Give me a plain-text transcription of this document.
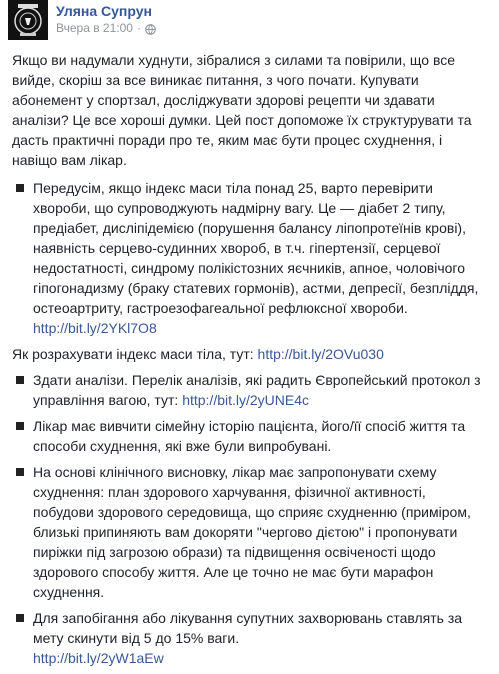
Уляна Супрун
Вчера в 21:00 ·

Якщо ви надумали худнути, зібралися з силами та повірили, що все вийде, скоріш за все виникає питання, з чого почати. Купувати абонемент у спортзал, досліджувати здорові рецепти чи здавати аналізи? Це все хороші думки. Цей пост допоможе їх структурувати та дасть практичні поради про те, яким має бути процес схуднення, і навіщо вам лікар.

Передусім, якщо індекс маси тіла понад 25, варто перевірити хвороби, що супроводжують надмірну вагу. Це — діабет 2 типу, предіабет, дисліпідемією (порушення балансу ліпопротеїнів крові), наявність серцево-судинних хвороб, в т.ч. гіпертензії, серцевої недостатності, синдрому полікістозних яєчників, апное, чоловічого гіпогонадизму (браку статевих гормонів), астми, депресії, безпліддя, остеоартриту, гастроезофагеальної рефлюксної хвороби.
http://bit.ly/2YKl7O8

Як розрахувати індекс маси тіла, тут: http://bit.ly/2OVu030

Здати аналізи. Перелік аналізів, які радить Європейський протокол з управління вагою, тут: http://bit.ly/2yUNE4c
Лікар має вивчити сімейну історію пацієнта, його/її спосіб життя та способи схуднення, які вже були випробувані.
На основі клінічного висновку, лікар має запропонувати схему схуднення: план здорового харчування, фізичної активності, побудови здорового середовища, що сприяє схудненню (приміром, близькі припиняють вам докоряти "чергово дієтою" і пропонувати пиріжки під загрозою образи) та підвищення освіченості щодо здорового способу життя. Але це точно не має бути марафон схуднення.
Для запобігання або лікування супутних захворювань ставлять за мету скинути від 5 до 15% ваги.
http://bit.ly/2yW1aEw
